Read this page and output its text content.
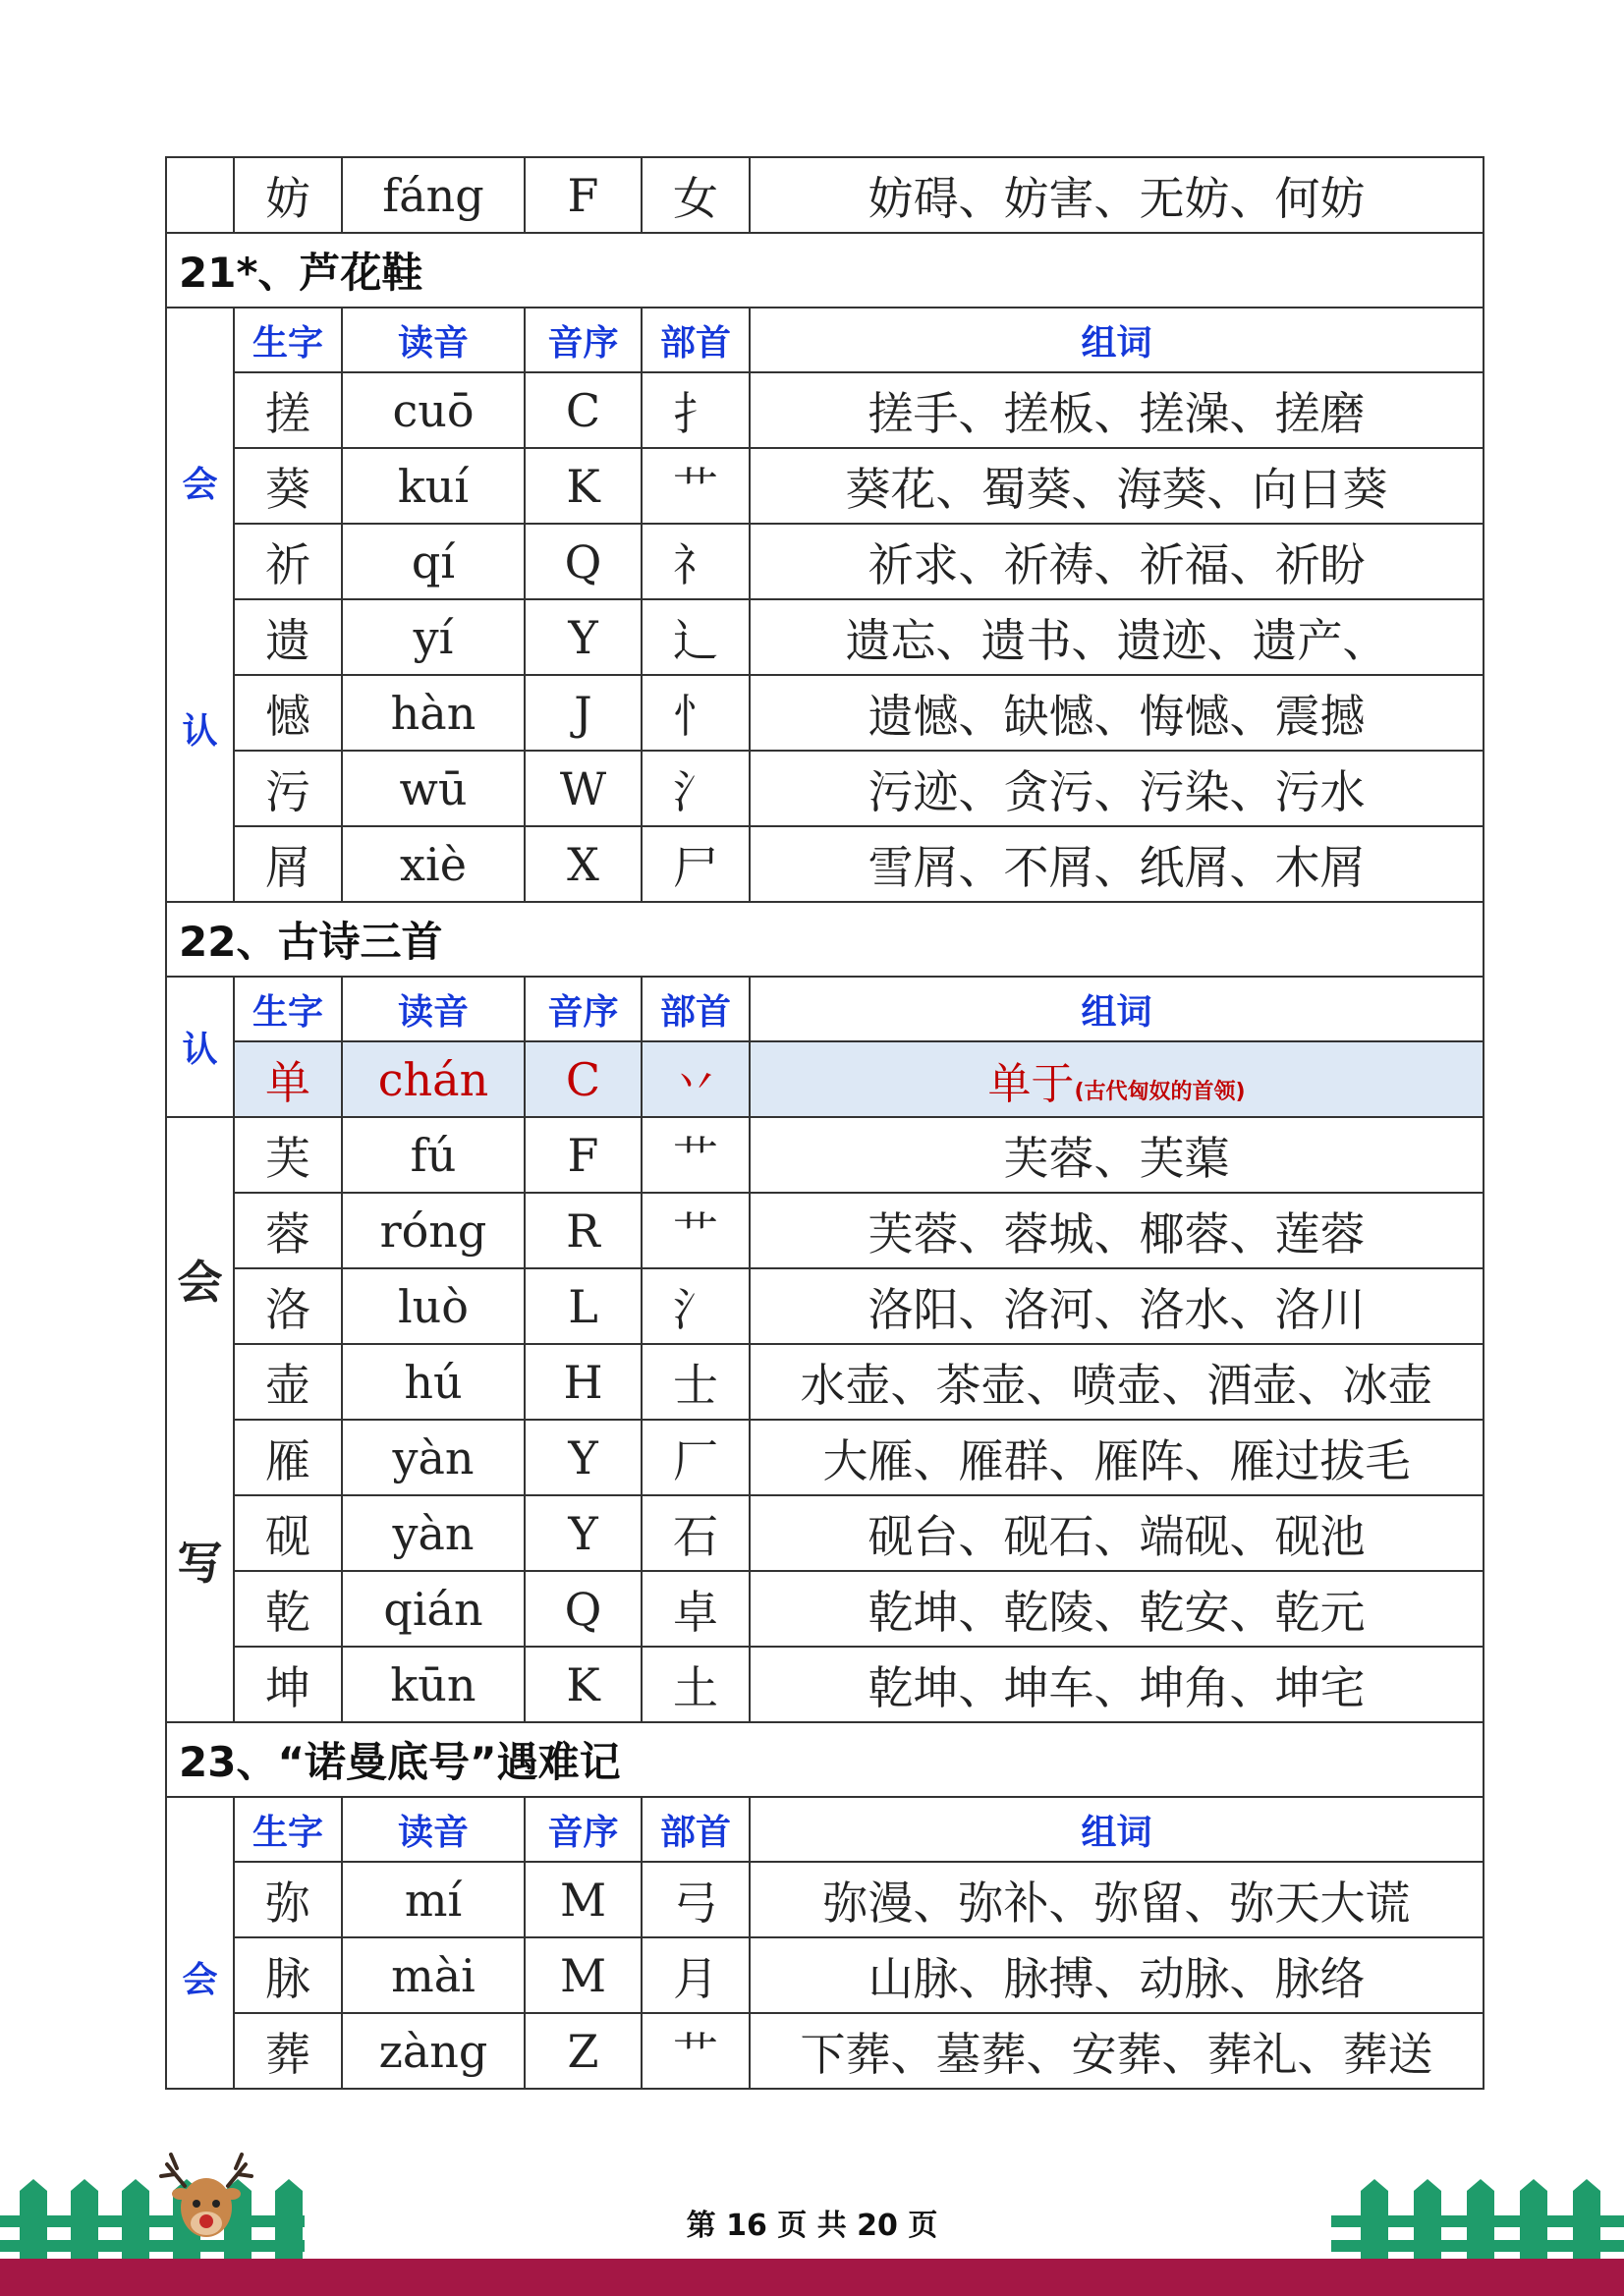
	妨	fáng	F	女	妨碍、妨害、无妨、何妨
21*、芦花鞋					

会
认	生字	读音	音序	部首	组词
	搓	cuō	C	扌	搓手、搓板、搓澡、搓磨
	葵	kuí	K	艹	葵花、蜀葵、海葵、向日葵
	祈	qí	Q	礻	祈求、祈祷、祈福、祈盼
	遗	yí	Y	辶	遗忘、遗书、遗迹、遗产、
	憾	hàn	J	忄	遗憾、缺憾、悔憾、震撼
	污	wū	W	氵	污迹、贪污、污染、污水
	屑	xiè	X	尸	雪屑、不屑、纸屑、木屑
22、古诗三首					
认	生字	读音	音序	部首	组词
	单	chán	C	丷	单于(古代匈奴的首领)

会
写	芙	fú	F	艹	芙蓉、芙蕖
	蓉	róng	R	艹	芙蓉、蓉城、椰蓉、莲蓉
	洛	luò	L	氵	洛阳、洛河、洛水、洛川
	壶	hú	H	士	水壶、茶壶、喷壶、酒壶、冰壶
	雁	yàn	Y	厂	大雁、雁群、雁阵、雁过拔毛
	砚	yàn	Y	石	砚台、砚石、端砚、砚池
	乾	qián	Q	卓	乾坤、乾陵、乾安、乾元
	坤	kūn	K	土	乾坤、坤车、坤角、坤宅
23、“诺曼底号”遇难记					

会	生字	读音	音序	部首	组词
	弥	mí	M	弓	弥漫、弥补、弥留、弥天大谎
	脉	mài	M	月	山脉、脉搏、动脉、脉络
	葬	zàng	Z	艹	下葬、墓葬、安葬、葬礼、葬送
第 16 页 共 20 页
